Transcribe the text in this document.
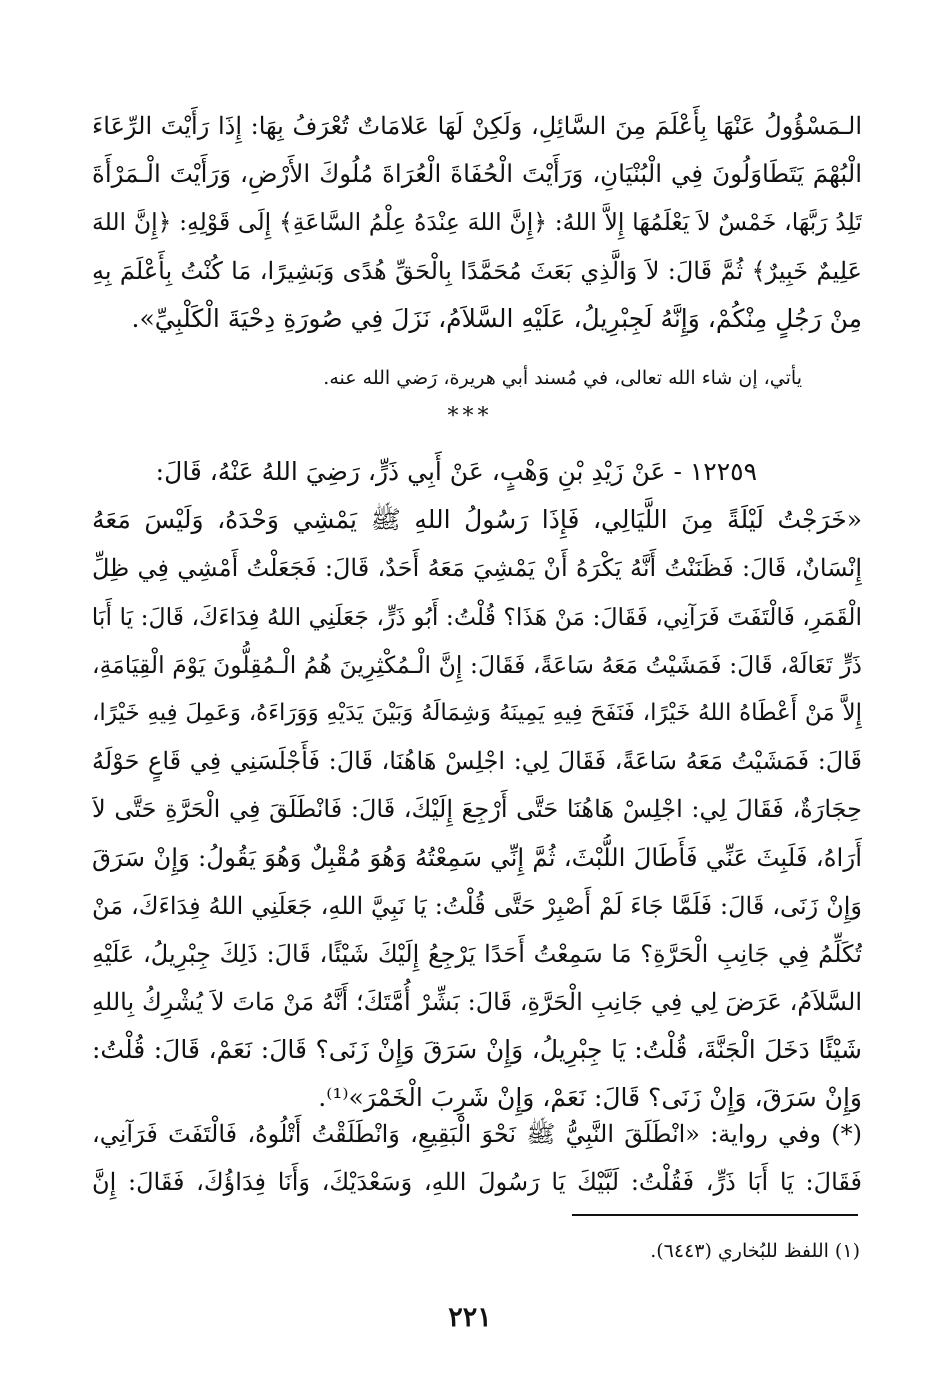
الـمَسْؤُولُ عَنْهَا بِأَعْلَمَ مِنَ السَّائِلِ، وَلَكِنْ لَهَا عَلامَاتٌ تُعْرَفُ بِهَا: إِذَا رَأَيْتَ الرِّعَاءَ
الْبُهْمَ يَتَطَاوَلُونَ فِي الْبُنْيَانِ، وَرَأَيْتَ الْحُفَاةَ الْعُرَاةَ مُلُوكَ الأَرْضِ، وَرَأَيْتَ الْـمَرْأَةَ
تَلِدُ رَبَّهَا، خَمْسٌ لاَ يَعْلَمُهَا إِلاَّ اللهُ: ﴿إِنَّ اللهَ عِنْدَهُ عِلْمُ السَّاعَةِ﴾ إِلَى قَوْلِهِ: ﴿إِنَّ اللهَ
عَلِيمٌ خَبِيرٌ﴾ ثُمَّ قَالَ: لاَ وَالَّذِي بَعَثَ مُحَمَّدًا بِالْحَقِّ هُدًى وَبَشِيرًا، مَا كُنْتُ بِأَعْلَمَ بِهِ
مِنْ رَجُلٍ مِنْكُمْ، وَإِنَّهُ لَجِبْرِيلُ، عَلَيْهِ السَّلاَمُ، نَزَلَ فِي صُورَةِ دِحْيَةَ الْكَلْبِيِّ».
يأتي، إن شاء الله تعالى، في مُسند أبي هريرة، رَضي الله عنه.
***
١٢٢٥٩ - عَنْ زَيْدِ بْنِ وَهْبٍ، عَنْ أَبِي ذَرٍّ، رَضِيَ اللهُ عَنْهُ، قَالَ:
«خَرَجْتُ لَيْلَةً مِنَ اللَّيَالِي، فَإِذَا رَسُولُ اللهِ ﷺ يَمْشِي وَحْدَهُ، وَلَيْسَ مَعَهُ
إِنْسَانٌ، قَالَ: فَظَنَنْتُ أَنَّهُ يَكْرَهُ أَنْ يَمْشِيَ مَعَهُ أَحَدٌ، قَالَ: فَجَعَلْتُ أَمْشِي فِي ظِلِّ
الْقَمَرِ، فَالْتَفَتَ فَرَآنِي، فَقَالَ: مَنْ هَذَا؟ قُلْتُ: أَبُو ذَرٍّ، جَعَلَنِي اللهُ فِدَاءَكَ، قَالَ: يَا أَبَا
ذَرٍّ تَعَالَهْ، قَالَ: فَمَشَيْتُ مَعَهُ سَاعَةً، فَقَالَ: إِنَّ الْـمُكْثِرِينَ هُمُ الْـمُقِلُّونَ يَوْمَ الْقِيَامَةِ،
إِلاَّ مَنْ أَعْطَاهُ اللهُ خَيْرًا، فَنَفَحَ فِيهِ يَمِينَهُ وَشِمَالَهُ وَبَيْنَ يَدَيْهِ وَوَرَاءَهُ، وَعَمِلَ فِيهِ خَيْرًا،
قَالَ: فَمَشَيْتُ مَعَهُ سَاعَةً، فَقَالَ لِي: اجْلِسْ هَاهُنَا، قَالَ: فَأَجْلَسَنِي فِي قَاعٍ حَوْلَهُ
حِجَارَةٌ، فَقَالَ لِي: اجْلِسْ هَاهُنَا حَتَّى أَرْجِعَ إِلَيْكَ، قَالَ: فَانْطَلَقَ فِي الْحَرَّةِ حَتَّى لاَ
أَرَاهُ، فَلَبِثَ عَنِّي فَأَطَالَ اللُّبْثَ، ثُمَّ إِنِّي سَمِعْتُهُ وَهُوَ مُقْبِلٌ وَهُوَ يَقُولُ: وَإِنْ سَرَقَ
وَإِنْ زَنَى، قَالَ: فَلَمَّا جَاءَ لَمْ أَصْبِرْ حَتَّى قُلْتُ: يَا نَبِيَّ اللهِ، جَعَلَنِي اللهُ فِدَاءَكَ، مَنْ
تُكَلِّمُ فِي جَانِبِ الْحَرَّةِ؟ مَا سَمِعْتُ أَحَدًا يَرْجِعُ إِلَيْكَ شَيْئًا، قَالَ: ذَلِكَ جِبْرِيلُ، عَلَيْهِ
السَّلاَمُ، عَرَضَ لِي فِي جَانِبِ الْحَرَّةِ، قَالَ: بَشِّرْ أُمَّتَكَ؛ أَنَّهُ مَنْ مَاتَ لاَ يُشْرِكُ بِاللهِ
شَيْئًا دَخَلَ الْجَنَّةَ، قُلْتُ: يَا جِبْرِيلُ، وَإِنْ سَرَقَ وَإِنْ زَنَى؟ قَالَ: نَعَمْ، قَالَ: قُلْتُ:
وَإِنْ سَرَقَ، وَإِنْ زَنَى؟ قَالَ: نَعَمْ، وَإِنْ شَرِبَ الْخَمْرَ»⁽¹⁾.
(*) وفي رواية: «انْطَلَقَ النَّبِيُّ ﷺ نَحْوَ الْبَقِيعِ، وَانْطَلَقْتُ أَتْلُوهُ، فَالْتَفَتَ فَرَآنِي،
فَقَالَ: يَا أَبَا ذَرٍّ، فَقُلْتُ: لَبَّيْكَ يَا رَسُولَ اللهِ، وَسَعْدَيْكَ، وَأَنَا فِدَاؤُكَ، فَقَالَ: إِنَّ
(١) اللفظ للبُخاري (٦٤٤٣).
٢٢١
